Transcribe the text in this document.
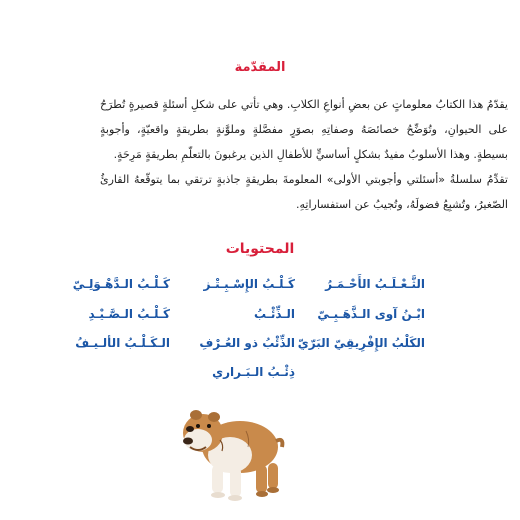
المقدّمة

يقدّمُ هذا الكتابُ معلوماتٍ عن بعضِ أنواعِ الكلابِ. وهي تأتي على شكلِ أسئلةٍ قصيرةٍ تُطرَحُ على الحيوانِ، وتُوَضِّحُ خصائصَهُ وصفاتِهِ بصوَرٍ مفصَّلةٍ وملوَّنةٍ بطريقةٍ واقعيّةٍ، وأجوبةٍ بسيطةٍ. وهذا الأسلوبُ مفيدٌ بشكلٍ أساسيٍّ للأطفالِ الذين يرغبونَ بالتعلّمِ بطريقةٍ مَرِحَةٍ.

تقدِّمُ سلسلةُ «أسئلتي وأجوبتي الأولى» المعلومةَ بطريقةٍ جاذبةٍ ترتقي بما يتوقّعهُ القارئُ الصّغيرُ، وتُشبِعُ فضولَهُ، وتُجيبُ عن استفساراتِهِ.

المحتويات
الثَّـعْـلَـبُ الأَحْـمَـرُ
كَـلْـبُ الإِسْـبِـتْـز
كَـلْـبُ الـدَّهْـوَلِـيّ
ابْـنُ آوى الـذَّهَـبِـيّ
الـذِّئْـبُ
كَـلْـبُ الـصَّـيْـدِ
الكَلْبُ الإِفْرِيقِيّ البَرّيّ
الذِّئْبُ ذو العُـرْفِ
الـكَـلْـبُ الألـيـفُ
ذِئْـبُ الـبَـراري
